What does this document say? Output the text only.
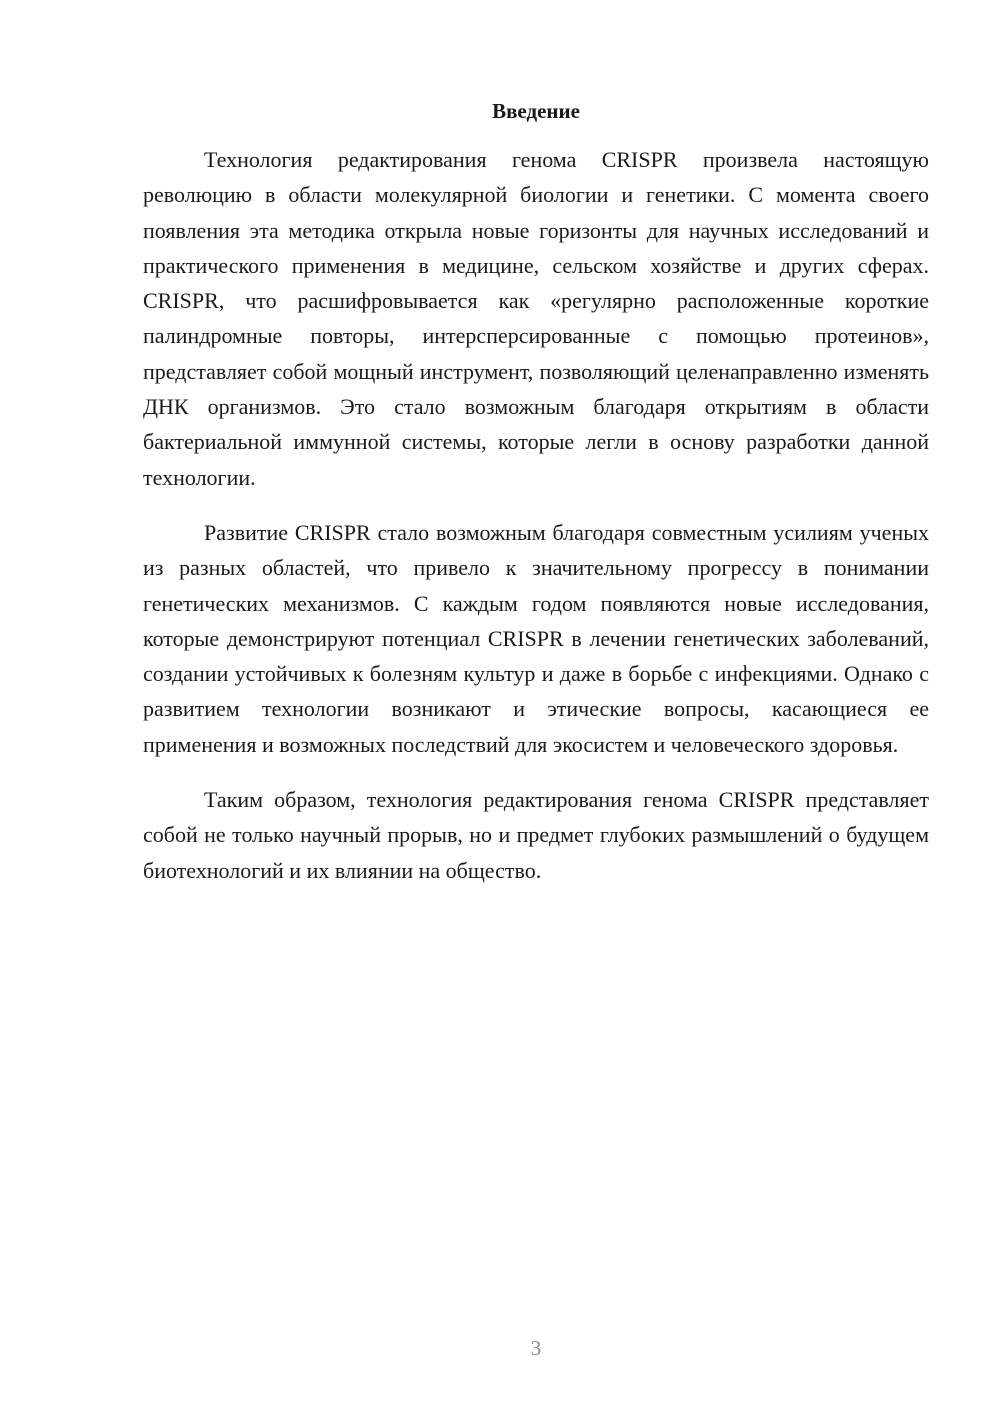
Введение

Технология редактирования генома CRISPR произвела настоящую революцию в области молекулярной биологии и генетики. С момента своего появления эта методика открыла новые горизонты для научных исследований и практического применения в медицине, сельском хозяйстве и других сферах. CRISPR, что расшифровывается как «регулярно расположенные короткие палиндромные повторы, интерсперсированные с помощью протеинов», представляет собой мощный инструмент, позволяющий целенаправленно изменять ДНК организмов. Это стало возможным благодаря открытиям в области бактериальной иммунной системы, которые легли в основу разработки данной технологии.

Развитие CRISPR стало возможным благодаря совместным усилиям ученых из разных областей, что привело к значительному прогрессу в понимании генетических механизмов. С каждым годом появляются новые исследования, которые демонстрируют потенциал CRISPR в лечении генетических заболеваний, создании устойчивых к болезням культур и даже в борьбе с инфекциями. Однако с развитием технологии возникают и этические вопросы, касающиеся ее применения и возможных последствий для экосистем и человеческого здоровья.

Таким образом, технология редактирования генома CRISPR представляет собой не только научный прорыв, но и предмет глубоких размышлений о будущем биотехнологий и их влиянии на общество.

3
